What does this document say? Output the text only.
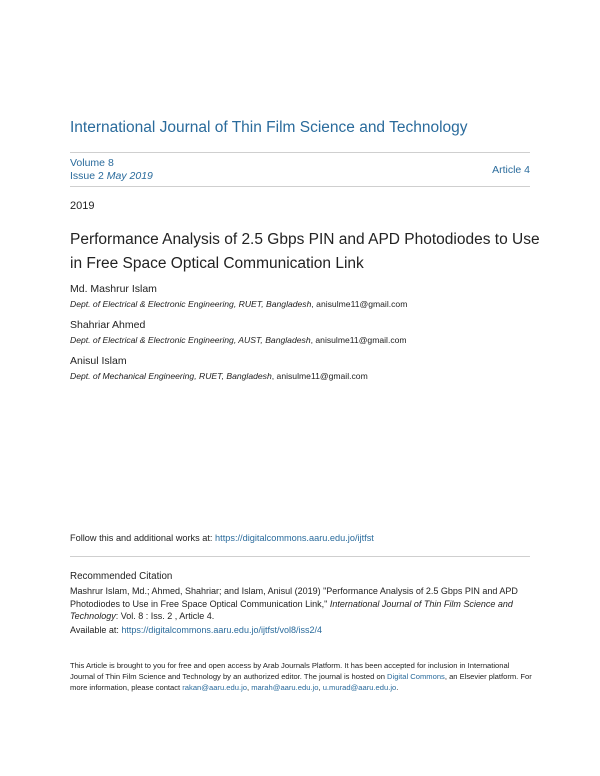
International Journal of Thin Film Science and Technology
Volume 8
Issue 2 May 2019	Article 4
2019
Performance Analysis of 2.5 Gbps PIN and APD Photodiodes to Use in Free Space Optical Communication Link
Md. Mashrur Islam
Dept. of Electrical & Electronic Engineering, RUET, Bangladesh, anisulme11@gmail.com
Shahriar Ahmed
Dept. of Electrical & Electronic Engineering, AUST, Bangladesh, anisulme11@gmail.com
Anisul Islam
Dept. of Mechanical Engineering, RUET, Bangladesh, anisulme11@gmail.com
Follow this and additional works at: https://digitalcommons.aaru.edu.jo/ijtfst
Recommended Citation
Mashrur Islam, Md.; Ahmed, Shahriar; and Islam, Anisul (2019) "Performance Analysis of 2.5 Gbps PIN and APD Photodiodes to Use in Free Space Optical Communication Link," International Journal of Thin Film Science and Technology: Vol. 8 : Iss. 2 , Article 4.
Available at: https://digitalcommons.aaru.edu.jo/ijtfst/vol8/iss2/4
This Article is brought to you for free and open access by Arab Journals Platform. It has been accepted for inclusion in International Journal of Thin Film Science and Technology by an authorized editor. The journal is hosted on Digital Commons, an Elsevier platform. For more information, please contact rakan@aaru.edu.jo, marah@aaru.edu.jo, u.murad@aaru.edu.jo.
